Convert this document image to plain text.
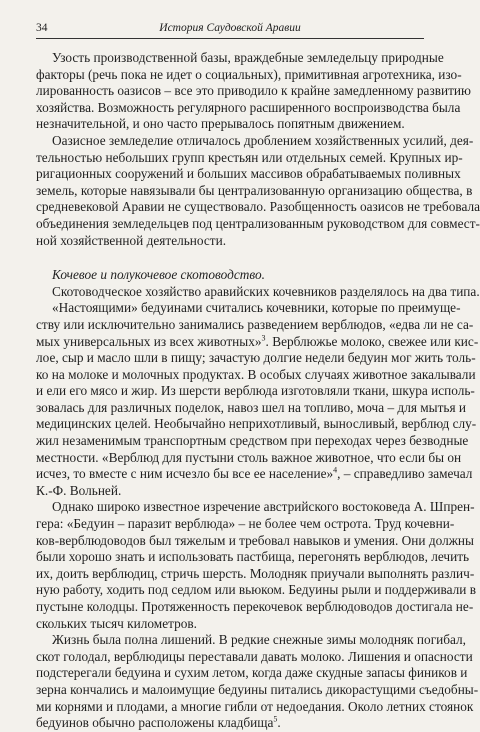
34	История Саудовской Аравии
Узость производственной базы, враждебные земледельцу природные
факторы (речь пока не идет о социальных), примитивная агротехника, изо-
лированность оазисов – все это приводило к крайне замедленному развитию
хозяйства. Возможность регулярного расширенного воспроизводства была
незначительной, и оно часто прерывалось попятным движением.
Оазисное земледелие отличалось дроблением хозяйственных усилий, дея-
тельностью небольших групп крестьян или отдельных семей. Крупных ир-
ригационных сооружений и больших массивов обрабатываемых поливных
земель, которые навязывали бы централизованную организацию общества, в
средневековой Аравии не существовало. Разобщенность оазисов не требовала
объединения земледельцев под централизованным руководством для совмест-
ной хозяйственной деятельности.
Кочевое и полукочевое скотоводство.
Скотоводческое хозяйство аравийских кочевников разделялось на два типа.
«Настоящими» бедуинами считались кочевники, которые по преимуще-
ству или исключительно занимались разведением верблюдов, «едва ли не са-
мых универсальных из всех животных»$^3$. Верблюжье молоко, свежее или кис-
лое, сыр и масло шли в пищу; зачастую долгие недели бедуин мог жить толь-
ко на молоке и молочных продуктах. В особых случаях животное закалывали
и ели его мясо и жир. Из шерсти верблюда изготовляли ткани, шкура исполь-
зовалась для различных поделок, навоз шел на топливо, моча – для мытья и
медицинских целей. Необычайно неприхотливый, выносливый, верблюд слу-
жил незаменимым транспортным средством при переходах через безводные
местности. «Верблюд для пустыни столь важное животное, что если бы он
исчез, то вместе с ним исчезло бы все ее население»$^4$, – справедливо замечал
К.-Ф. Вольней.
Однако широко известное изречение австрийского востоковеда А. Шпрен-
гера: «Бедуин – паразит верблюда» – не более чем острота. Труд кочевни-
ков-верблюдоводов был тяжелым и требовал навыков и умения. Они должны
были хорошо знать и использовать пастбища, перегонять верблюдов, лечить
их, доить верблюдиц, стричь шерсть. Молодняк приучали выполнять различ-
ную работу, ходить под седлом или вьюком. Бедуины рыли и поддерживали в
пустыне колодцы. Протяженность перекочевок верблюдоводов достигала не-
скольких тысяч километров.
Жизнь была полна лишений. В редкие снежные зимы молодняк погибал,
скот голодал, верблюдицы переставали давать молоко. Лишения и опасности
подстерегали бедуина и сухим летом, когда даже скудные запасы фиников и
зерна кончались и малоимущие бедуины питались дикорастущими съедобны-
ми корнями и плодами, а многие гибли от недоедания. Около летних стоянок
бедуинов обычно расположены кладбища$^5$.
